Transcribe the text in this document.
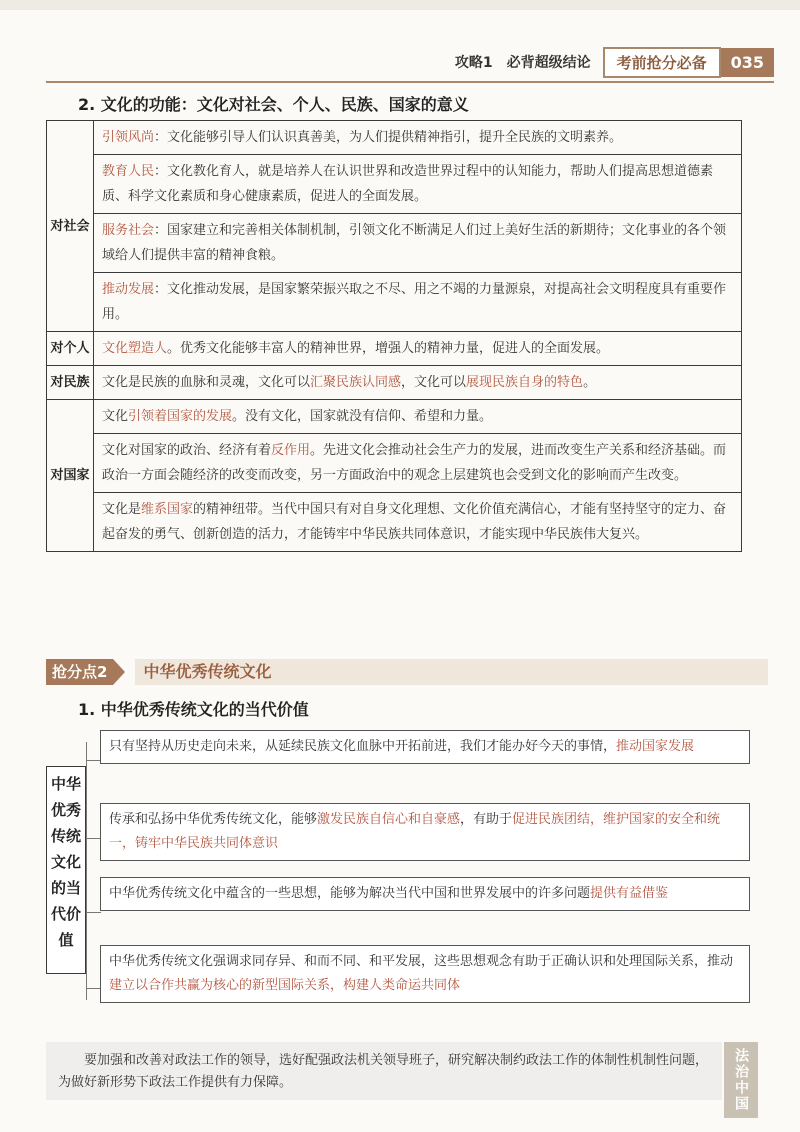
攻略1 必背超级结论	考前抢分必备	035
2. 文化的功能：文化对社会、个人、民族、国家的意义
对社会	引领风尚：文化能够引导人们认识真善美，为人们提供精神指引，提升全民族的文明素养。
	教育人民：文化教化育人，就是培养人在认识世界和改造世界过程中的认知能力，帮助人们提高思想道德素质、科学文化素质和身心健康素质，促进人的全面发展。
	服务社会：国家建立和完善相关体制机制，引领文化不断满足人们过上美好生活的新期待；文化事业的各个领域给人们提供丰富的精神食粮。
	推动发展：文化推动发展，是国家繁荣振兴取之不尽、用之不竭的力量源泉，对提高社会文明程度具有重要作用。
对个人	文化塑造人。优秀文化能够丰富人的精神世界，增强人的精神力量，促进人的全面发展。
对民族	文化是民族的血脉和灵魂，文化可以汇聚民族认同感，文化可以展现民族自身的特色。
对国家	文化引领着国家的发展。没有文化，国家就没有信仰、希望和力量。
	文化对国家的政治、经济有着反作用。先进文化会推动社会生产力的发展，进而改变生产关系和经济基础。而政治一方面会随经济的改变而改变，另一方面政治中的观念上层建筑也会受到文化的影响而产生改变。
	文化是维系国家的精神纽带。当代中国只有对自身文化理想、文化价值充满信心，才能有坚持坚守的定力、奋起奋发的勇气、创新创造的活力，才能铸牢中华民族共同体意识，才能实现中华民族伟大复兴。
抢分点2	中华优秀传统文化
1. 中华优秀传统文化的当代价值
中华
优秀
传统
文化
的当
代价
值
只有坚持从历史走向未来，从延续民族文化血脉中开拓前进，我们才能办好今天的事情，推动国家发展
传承和弘扬中华优秀传统文化，能够激发民族自信心和自豪感，有助于促进民族团结，维护国家的安全和统一，铸牢中华民族共同体意识
中华优秀传统文化中蕴含的一些思想，能够为解决当代中国和世界发展中的许多问题提供有益借鉴
中华优秀传统文化强调求同存异、和而不同、和平发展，这些思想观念有助于正确认识和处理国际关系，推动建立以合作共赢为核心的新型国际关系，构建人类命运共同体
要加强和改善对政法工作的领导，选好配强政法机关领导班子，研究解决制约政法工作的体制性机制性问题，为做好新形势下政法工作提供有力保障。	法治中国
